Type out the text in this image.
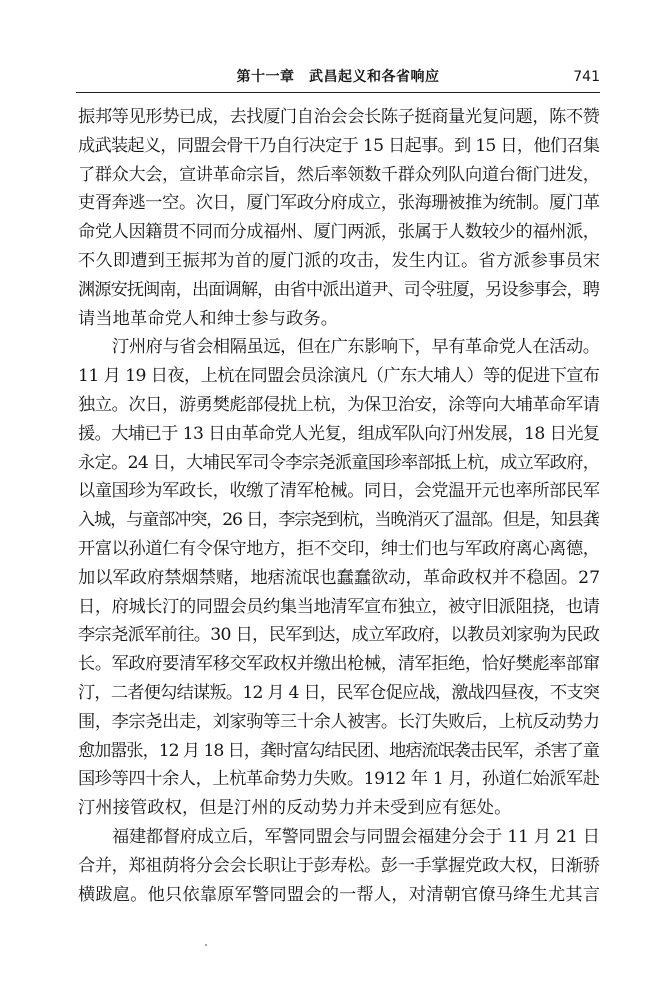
第十一章　武昌起义和各省响应	741
振邦等见形势已成，去找厦门自治会会长陈子挺商量光复问题，陈不赞
成武装起义，同盟会骨干乃自行决定于 15 日起事。到 15 日，他们召集
了群众大会，宣讲革命宗旨，然后率领数千群众列队向道台衙门进发，
吏胥奔逃一空。次日，厦门军政分府成立，张海珊被推为统制。厦门革
命党人因籍贯不同而分成福州、厦门两派，张属于人数较少的福州派，
不久即遭到王振邦为首的厦门派的攻击，发生内讧。省方派参事员宋
渊源安抚闽南，出面调解，由省中派出道尹、司令驻厦，另设参事会，聘
请当地革命党人和绅士参与政务。
汀州府与省会相隔虽远，但在广东影响下，早有革命党人在活动。
11 月 19 日夜，上杭在同盟会员涂演凡（广东大埔人）等的促进下宣布
独立。次日，游勇樊彪部侵扰上杭，为保卫治安，涂等向大埔革命军请
援。大埔已于 13 日由革命党人光复，组成军队向汀州发展，18 日光复
永定。24 日，大埔民军司令李宗尧派童国珍率部抵上杭，成立军政府，
以童国珍为军政长，收缴了清军枪械。同日，会党温开元也率所部民军
入城，与童部冲突，26 日，李宗尧到杭，当晚消灭了温部。但是，知县龚
开富以孙道仁有令保守地方，拒不交印，绅士们也与军政府离心离德，
加以军政府禁烟禁赌，地痞流氓也蠢蠢欲动，革命政权并不稳固。27
日，府城长汀的同盟会员约集当地清军宣布独立，被守旧派阻挠，也请
李宗尧派军前往。30 日，民军到达，成立军政府，以教员刘家驹为民政
长。军政府要清军移交军政权并缴出枪械，清军拒绝，恰好樊彪率部窜
汀，二者便勾结谋叛。12 月 4 日，民军仓促应战，激战四昼夜，不支突
围，李宗尧出走，刘家驹等三十余人被害。长汀失败后，上杭反动势力
愈加嚣张，12 月 18 日，龚时富勾结民团、地痞流氓袭击民军，杀害了童
国珍等四十余人，上杭革命势力失败。1912 年 1 月，孙道仁始派军赴
汀州接管政权，但是汀州的反动势力并未受到应有惩处。
福建都督府成立后，军警同盟会与同盟会福建分会于 11 月 21 日
合并，郑祖荫将分会会长职让于彭寿松。彭一手掌握党政大权，日渐骄
横跋扈。他只依靠原军警同盟会的一帮人，对清朝官僚马绛生尤其言
